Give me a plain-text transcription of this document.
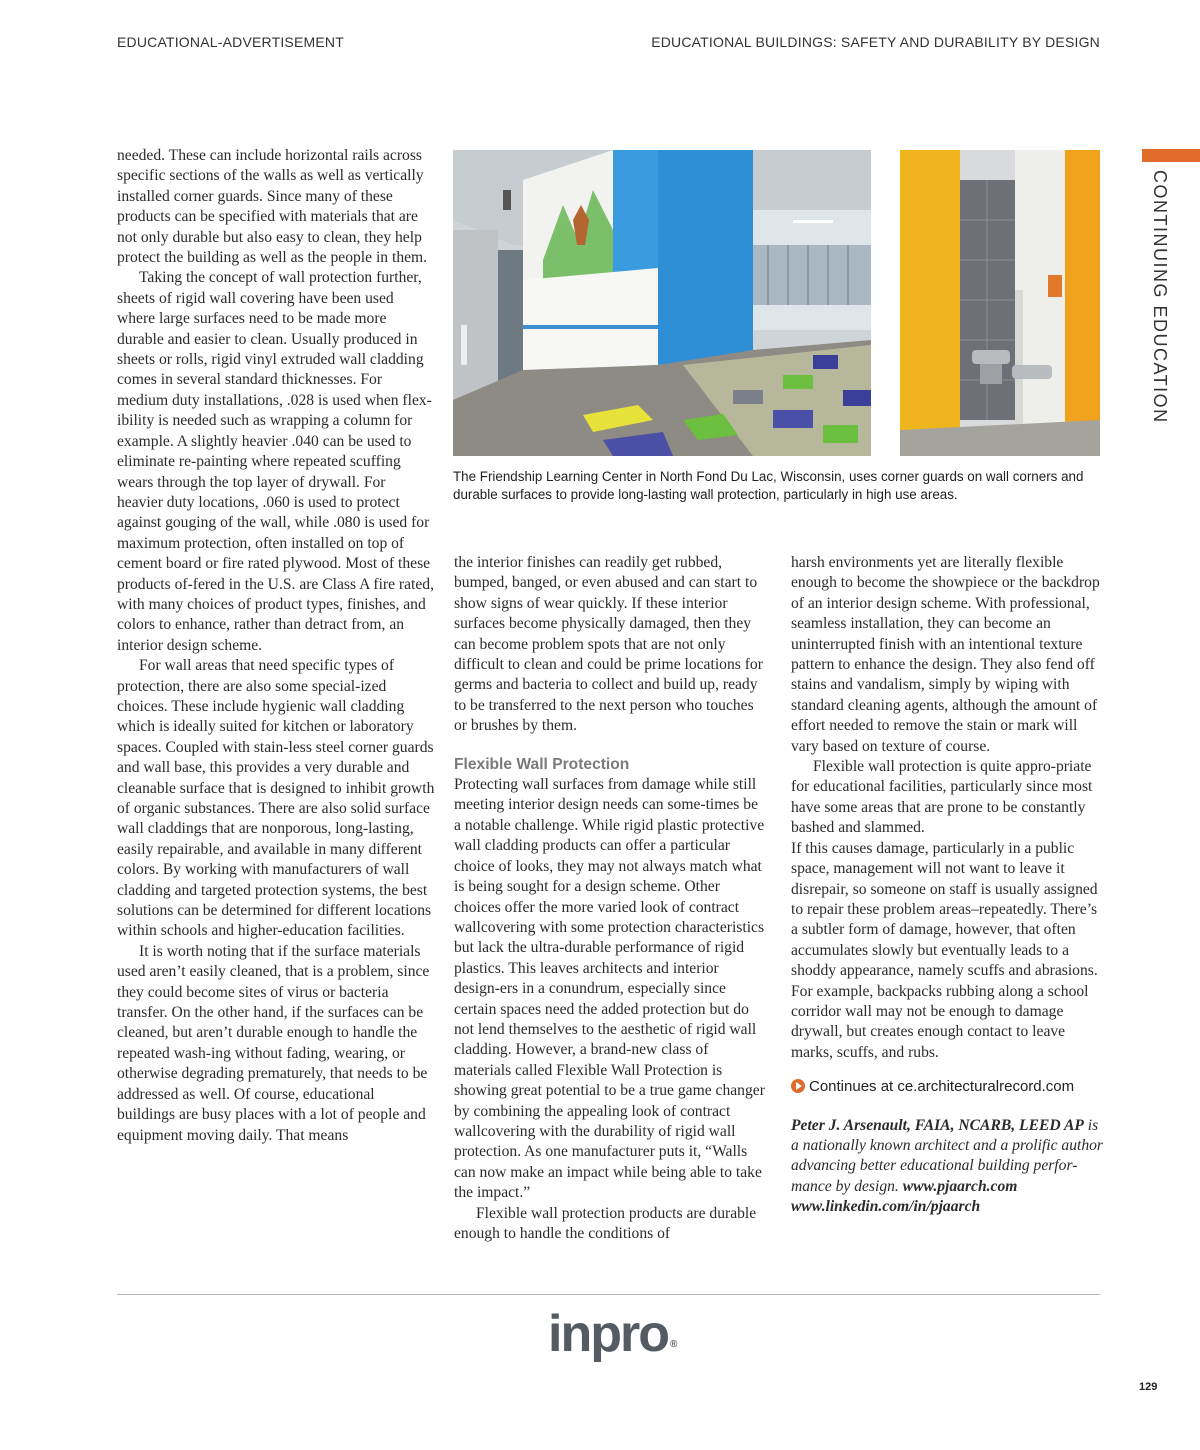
EDUCATIONAL-ADVERTISEMENT	EDUCATIONAL BUILDINGS: SAFETY AND DURABILITY BY DESIGN
CONTINUING EDUCATION

needed. These can include horizontal rails across specific sections of the walls as well as vertically installed corner guards. Since many of these products can be specified with materials that are not only durable but also easy to clean, they help protect the building as well as the people in them.

Taking the concept of wall protection further, sheets of rigid wall covering have been used where large surfaces need to be made more durable and easier to clean. Usually produced in sheets or rolls, rigid vinyl extruded wall cladding comes in several standard thicknesses. For medium duty installations, .028 is used when flex-ibility is needed such as wrapping a column for example. A slightly heavier .040 can be used to eliminate re-painting where repeated scuffing wears through the top layer of drywall. For heavier duty locations, .060 is used to protect against gouging of the wall, while .080 is used for maximum protection, often installed on top of cement board or fire rated plywood. Most of these products of-fered in the U.S. are Class A fire rated, with many choices of product types, finishes, and colors to enhance, rather than detract from, an interior design scheme.

For wall areas that need specific types of protection, there are also some special-ized choices. These include hygienic wall cladding which is ideally suited for kitchen or laboratory spaces. Coupled with stain-less steel corner guards and wall base, this provides a very durable and cleanable surface that is designed to inhibit growth of organic substances. There are also solid surface wall claddings that are nonporous, long-lasting, easily repairable, and available in many different colors. By working with manufacturers of wall cladding and targeted protection systems, the best solutions can be determined for different locations within schools and higher-education facilities.

It is worth noting that if the surface materials used aren’t easily cleaned, that is a problem, since they could become sites of virus or bacteria transfer. On the other hand, if the surfaces can be cleaned, but aren’t durable enough to handle the repeated wash-ing without fading, wearing, or otherwise degrading prematurely, that needs to be addressed as well. Of course, educational buildings are busy places with a lot of people and equipment moving daily. That means

The Friendship Learning Center in North Fond Du Lac, Wisconsin, uses corner guards on wall corners and durable surfaces to provide long-lasting wall protection, particularly in high use areas.

the interior finishes can readily get rubbed, bumped, banged, or even abused and can start to show signs of wear quickly. If these interior surfaces become physically damaged, then they can become problem spots that are not only difficult to clean and could be prime locations for germs and bacteria to collect and build up, ready to be transferred to the next person who touches or brushes by them.

Flexible Wall Protection

Protecting wall surfaces from damage while still meeting interior design needs can some-times be a notable challenge. While rigid plastic protective wall cladding products can offer a particular choice of looks, they may not always match what is being sought for a design scheme. Other choices offer the more varied look of contract wallcovering with some protection characteristics but lack the ultra-durable performance of rigid plastics. This leaves architects and interior design-ers in a conundrum, especially since certain spaces need the added protection but do not lend themselves to the aesthetic of rigid wall cladding. However, a brand-new class of materials called Flexible Wall Protection is showing great potential to be a true game changer by combining the appealing look of contract wallcovering with the durability of rigid wall protection. As one manufacturer puts it, “Walls can now make an impact while being able to take the impact.”

Flexible wall protection products are durable enough to handle the conditions of

harsh environments yet are literally flexible enough to become the showpiece or the backdrop of an interior design scheme. With professional, seamless installation, they can become an uninterrupted finish with an intentional texture pattern to enhance the design. They also fend off stains and vandalism, simply by wiping with standard cleaning agents, although the amount of effort needed to remove the stain or mark will vary based on texture of course.

Flexible wall protection is quite appro-priate for educational facilities, particularly since most have some areas that are prone to be constantly bashed and slammed.

If this causes damage, particularly in a public space, management will not want to leave it disrepair, so someone on staff is usually assigned to repair these problem areas–repeatedly. There’s a subtler form of damage, however, that often accumulates slowly but eventually leads to a shoddy appearance, namely scuffs and abrasions. For example, backpacks rubbing along a school corridor wall may not be enough to damage drywall, but creates enough contact to leave marks, scuffs, and rubs.

Continues at ce.architecturalrecord.com

Peter J. Arsenault, FAIA, NCARB, LEED AP is a nationally known architect and a prolific author advancing better educational building perfor-mance by design. www.pjaarch.com
www.linkedin.com/in/pjaarch

inpro ®
129
